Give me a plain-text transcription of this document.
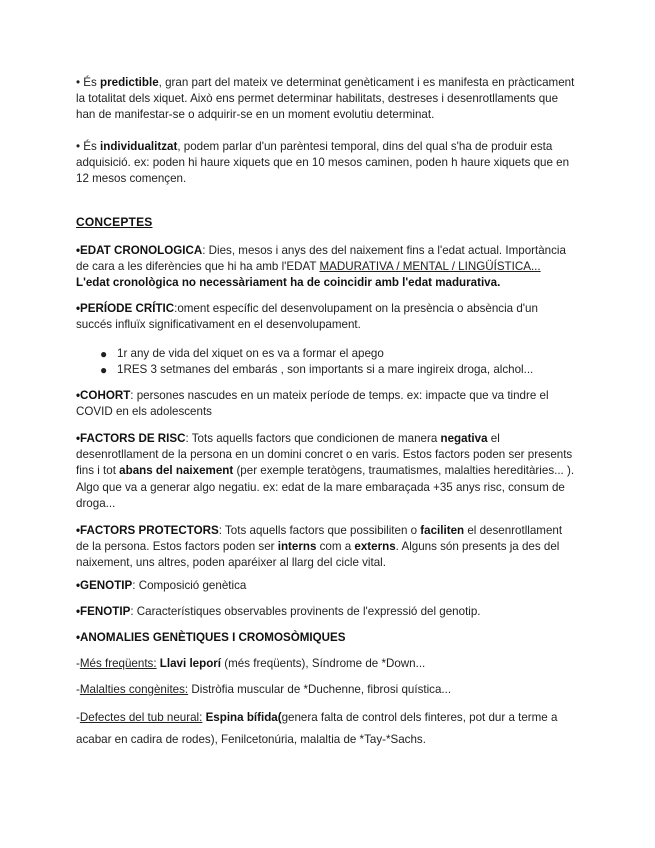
• És predictible, gran part del mateix ve determinat genèticament i es manifesta en pràcticament la totalitat dels xiquet. Això ens permet determinar habilitats, destreses i desenrotllaments que han de manifestar-se o adquirir-se en un moment evolutiu determinat.

• És individualitzat, podem parlar d'un parèntesi temporal, dins del qual s'ha de produir esta adquisició. ex: poden hi haure xiquets que en 10 mesos caminen, poden h haure xiquets que en 12 mesos començen.

CONCEPTES

•EDAT CRONOLOGICA: Dies, mesos i anys des del naixement fins a l'edat actual. Importància de cara a les diferències que hi ha amb l'EDAT MADURATIVA / MENTAL / LINGÜÍSTICA...
L'edat cronològica no necessàriament ha de coincidir amb l'edat madurativa.

•PERÍODE CRÍTIC:oment específic del desenvolupament on la presència o absència d'un succés influïx significativament en el desenvolupament.

● 1r any de vida del xiquet on es va a formar el apego
● 1RES 3 setmanes del embarás , son importants si a mare ingireix droga, alchol...

•COHORT: persones nascudes en un mateix període de temps. ex: impacte que va tindre el COVID en els adolescents

•FACTORS DE RISC: Tots aquells factors que condicionen de manera negativa el desenrotllament de la persona en un domini concret o en varis. Estos factors poden ser presents fins i tot abans del naixement (per exemple teratògens, traumatismes, malalties hereditàries... ). Algo que va a generar algo negatiu. ex: edat de la mare embaraçada +35 anys risc, consum de droga...

•FACTORS PROTECTORS: Tots aquells factors que possibiliten o faciliten el desenrotllament de la persona. Estos factors poden ser interns com a externs. Alguns són presents ja des del naixement, uns altres, poden aparéixer al llarg del cicle vital.

•GENOTIP: Composició genètica

•FENOTIP: Característiques observables provinents de l'expressió del genotip.

•ANOMALIES GENÈTIQUES I CROMOSÒMIQUES

-Més freqüents: Llavi leporí (més freqüents), Síndrome de *Down...

-Malalties congènites: Distròfia muscular de *Duchenne, fibrosi quística...

-Defectes del tub neural: Espina bífida(genera falta de control dels finteres, pot dur a terme a acabar en cadira de rodes), Fenilcetonúria, malaltia de *Tay-*Sachs.
